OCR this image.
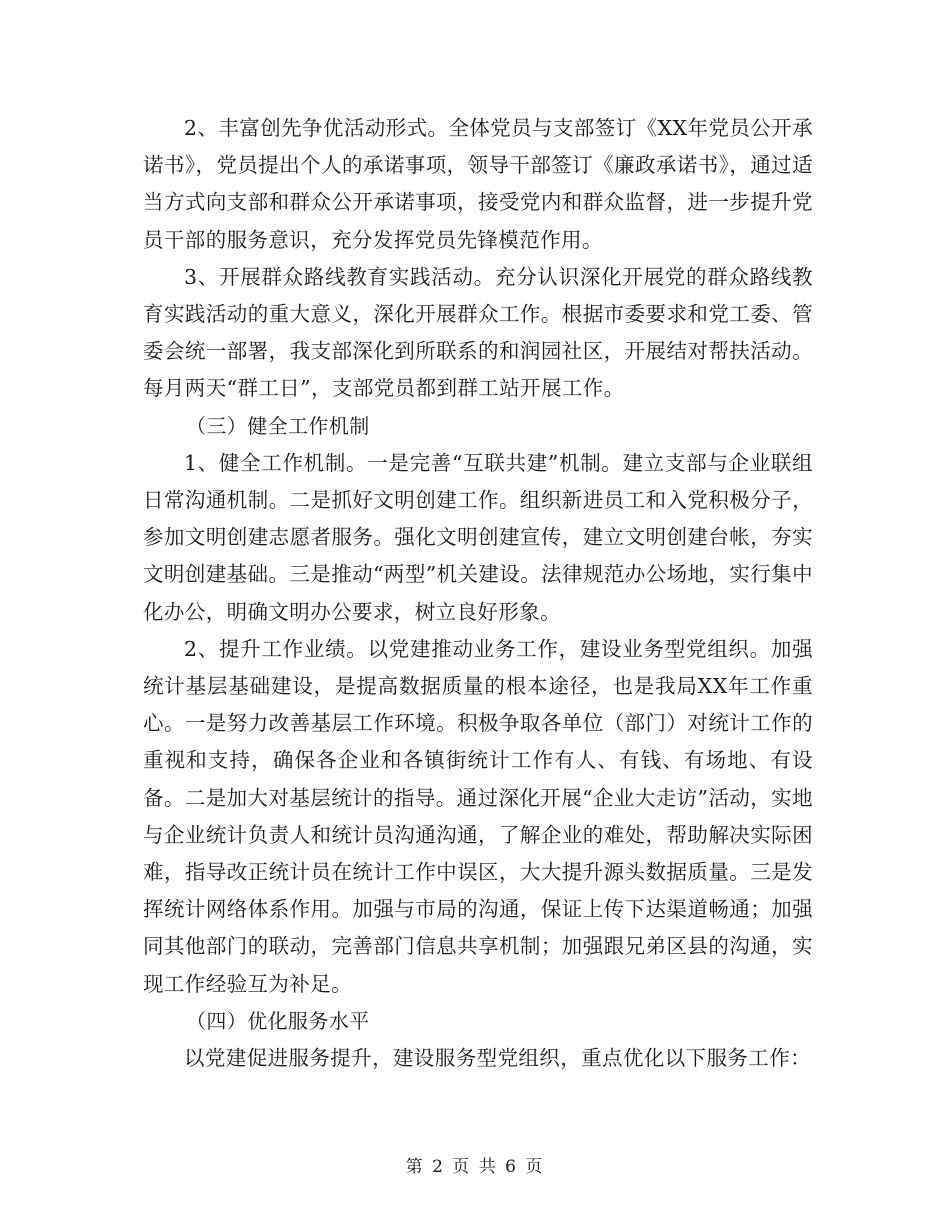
2、丰富创先争优活动形式。全体党员与支部签订《XX年党员公开承诺书》，党员提出个人的承诺事项，领导干部签订《廉政承诺书》，通过适当方式向支部和群众公开承诺事项，接受党内和群众监督，进一步提升党员干部的服务意识，充分发挥党员先锋模范作用。

3、开展群众路线教育实践活动。充分认识深化开展党的群众路线教育实践活动的重大意义，深化开展群众工作。根据市委要求和党工委、管委会统一部署，我支部深化到所联系的和润园社区，开展结对帮扶活动。每月两天“群工日”，支部党员都到群工站开展工作。

（三）健全工作机制

1、健全工作机制。一是完善“互联共建”机制。建立支部与企业联组日常沟通机制。二是抓好文明创建工作。组织新进员工和入党积极分子，参加文明创建志愿者服务。强化文明创建宣传，建立文明创建台帐，夯实文明创建基础。三是推动“两型”机关建设。法律规范办公场地，实行集中化办公，明确文明办公要求，树立良好形象。

2、提升工作业绩。以党建推动业务工作，建设业务型党组织。加强统计基层基础建设，是提高数据质量的根本途径，也是我局XX年工作重心。一是努力改善基层工作环境。积极争取各单位（部门）对统计工作的重视和支持，确保各企业和各镇街统计工作有人、有钱、有场地、有设备。二是加大对基层统计的指导。通过深化开展“企业大走访”活动，实地与企业统计负责人和统计员沟通沟通，了解企业的难处，帮助解决实际困难，指导改正统计员在统计工作中误区，大大提升源头数据质量。三是发挥统计网络体系作用。加强与市局的沟通，保证上传下达渠道畅通；加强同其他部门的联动，完善部门信息共享机制；加强跟兄弟区县的沟通，实现工作经验互为补足。

（四）优化服务水平

以党建促进服务提升，建设服务型党组织，重点优化以下服务工作：

第 2 页 共 6 页
